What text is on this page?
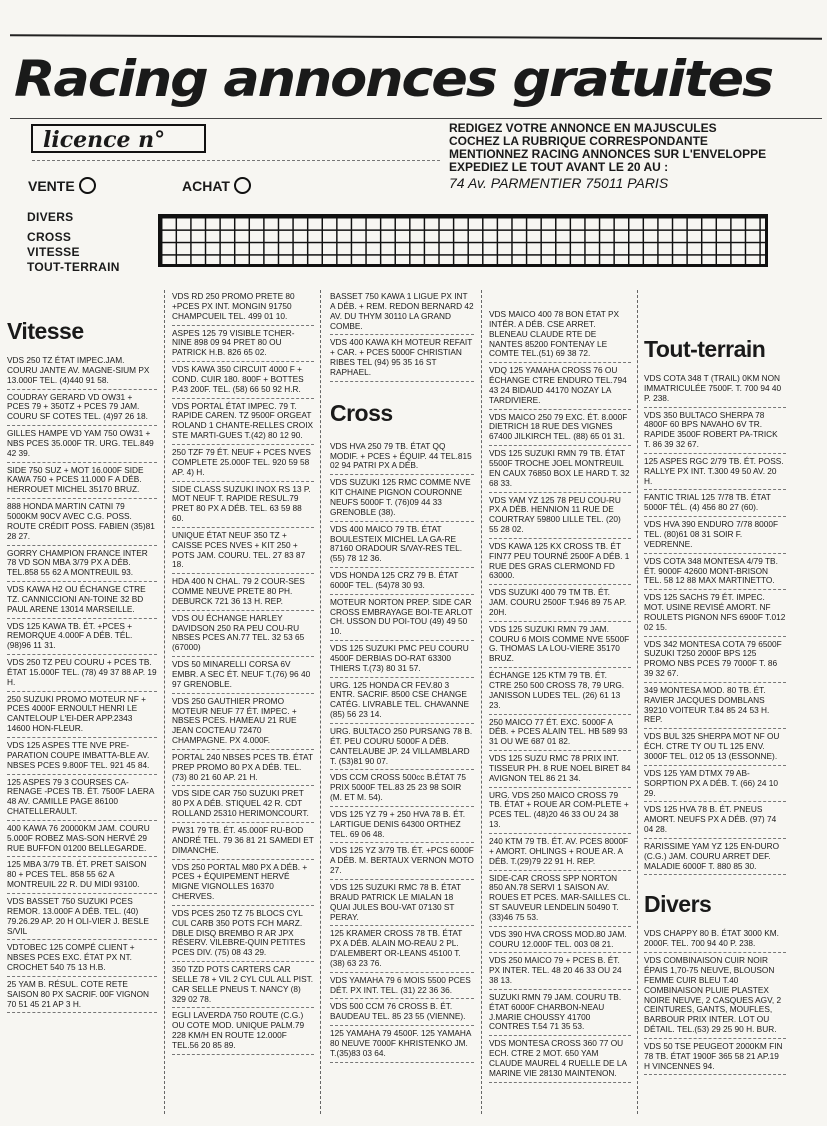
Racing annonces gratuites
licence n°	REDIGEZ VOTRE ANNONCE EN MAJUSCULES
COCHEZ LA RUBRIQUE CORRESPONDANTE
MENTIONNEZ RACING ANNONCES SUR L'ENVELOPPE
EXPEDIEZ LE TOUT AVANT LE 20 AU :
74 Av. PARMENTIER 75011 PARIS
VENTE	ACHAT
DIVERS
CROSS
VITESSE
TOUT-TERRAIN
Vitesse
VDS 250 TZ ÉTAT IMPEC.JAM. COURU JANTE AV. MAGNE-SIUM PX 13.000F TEL. (4)440 91 58.
COUDRAY GERARD VD OW31 + PCES 79 + 350TZ + PCES 79 JAM. COURU SF COTES TEL. (4)97 26 18.
GILLES HAMPE VD YAM 750 OW31 + NBS PCES 35.000F TR. URG. TEL.849 42 39.
SIDE 750 SUZ + MOT 16.000F SIDE KAWA 750 + PCES 11.000 F A DÉB. HERROUET MICHEL 35170 BRUZ.
888 HONDA MARTIN CATNI 79 5000KM 90CV AVEC C.G. POSS. ROUTE CRÉDIT POSS. FABIEN (35)81 28 27.
GORRY CHAMPION FRANCE INTER 78 VD SON MBA 3/79 PX A DÉB. TEL.858 55 62 A MONTREUIL 93.
VDS KAWA H2 OU ÉCHANGE CTRE TZ. CANNICCIONI AN-TOINE 32 BD PAUL ARENE 13014 MARSEILLE.
VDS 125 KAWA TB. ÉT. +PCES + REMORQUE 4.000F A DÉB. TÉL. (98)96 11 31.
VDS 250 TZ PEU COURU + PCES TB. ÉTAT 15.000F TEL. (78) 49 37 88 AP. 19 H.
250 SUZUKI PROMO MOTEUR NF + PCES 4000F ERNOULT HENRI LE CANTELOUP L'EI-DER APP.2343 14600 HON-FLEUR.
VDS 125 ASPES TTE NVE PRE-PARATION COUPE IMBATTA-BLE AV. NBSES PCES 9.800F TEL. 921 45 84.
125 ASPES 79 3 COURSES CA-RENAGE -PCES TB. ÉT. 7500F LAERA 48 AV. CAMILLE PAGE 86100 CHATELLERAULT.
400 KAWA 76 20000KM JAM. COURU 5.000F ROBEZ MAS-SON HERVÉ 29 RUE BUFFON 01200 BELLEGARDE.
125 MBA 3/79 TB. ÉT. PRET SAISON 80 + PCES TEL. 858 55 62 A MONTREUIL 22 R. DU MIDI 93100.
VDS BASSET 750 SUZUKI PCES REMOR. 13.000F A DÉB. TEL. (40) 79.26.29 AP. 20 H OLI-VIER J. BESLE S/VIL
VDTOBEC 125 COMPÉ CLIENT + NBSES PCES EXC. ÉTAT PX NT. CROCHET 540 75 13 H.B.
25 YAM B. RÉSUL. COTE RETE SAISON 80 PX SACRIF. 00F VIGNON 70 51 45 21 AP 3 H.
VDS RD 250 PROMO PRETE 80 +PCES PX INT. MONGIN 91750 CHAMPCUEIL TEL. 499 01 10.
ASPES 125 79 VISIBLE TCHER-NINE 898 09 94 PRET 80 OU PATRICK H.B. 826 65 02.
VDS KAWA 350 CIRCUIT 4000 F + COND. CUIR 180. 800F + BOTTES P.43 200F. TEL. (58) 66 50 92 H.R.
VDS PORTAL ÉTAT IMPEC. 79 T. RAPIDE CAREN. TZ 9500F ORGEAT ROLAND 1 CHANTE-RELLES CROIX STE MARTI-GUES T.(42) 80 12 90.
250 TZF 79 ÉT. NEUF + PCES NVES COMPLETE 25.000F TEL. 920 59 58 AP. 4) H.
SIDE CLASS SUZUKI INOX RS 13 P. MOT NEUF T. RAPIDE RESUL.79 PRET 80 PX A DÉB. TEL. 63 59 88 60.
UNIQUE ÉTAT NEUF 350 TZ + CAISSE PCES NVES + KIT 250 + POTS JAM. COURU. TEL. 27 83 87 18.
HDA 400 N CHAL. 79 2 COUR-SES COMME NEUVE PRETE 80 PH. DEBURCK 721 36 13 H. REP.
VDS OU ÉCHANGE HARLEY DAVIDSON 250 RA PEU COU-RU NBSES PCES AN.77 TEL. 32 53 65 (67000)
VDS 50 MINARELLI CORSA 6V EMBR. A SEC ÉT. NEUF T.(76) 96 40 97 GRENOBLE.
VDS 250 GAUTHIER PROMO MOTEUR NEUF 77 ÉT. IMPEC. + NBSES PCES. HAMEAU 21 RUE JEAN COCTEAU 72470 CHAMPAGNE. PX 4.000F.
PORTAL 240 NBSES PCES TB. ÉTAT PREP PROMO 80 PX A DÉB. TEL.(73) 80 21 60 AP. 21 H.
VDS SIDE CAR 750 SUZUKI PRET 80 PX A DÉB. STIQUEL 42 R. CDT ROLLAND 25310 HERIMONCOURT.
PW31 79 TB. ÉT. 45.000F RU-BOD ANDRÉ TEL. 79 36 81 21 SAMEDI ET DIMANCHE.
VDS 250 PORTAL M80 PX A DÉB. + PCES + ÉQUIPEMENT HERVÉ MIGNE VIGNOLLES 16370 CHERVES.
VDS PCES 250 TZ 75 BLOCS CYL CUL CARB 350 POTS FCH MARZ. DBLE DISQ BREMBO R AR JPX RÉSERV. VILEBRE-QUIN PETITES PCES DIV. (75) 08 43 29.
350 TZD POTS CARTERS CAR SELLE 78 + VIL 2 CYL CUL ALL PIST. CAR SELLE PNEUS T. NANCY (8) 329 02 78.
EGLI LAVERDA 750 ROUTE (C.G.) OU COTE MOD. UNIQUE PALM.79 228 KM/H EN ROUTE 12.000F TEL.56 20 85 89.
BASSET 750 KAWA 1 LIGUE PX INT A DÉB. + REM. REDON BERNARD 42 AV. DU THYM 30110 LA GRAND COMBE.
VDS 400 KAWA KH MOTEUR REFAIT + CAR. + PCES 5000F CHRISTIAN RIBES TEL (94) 95 35 16 ST RAPHAEL.
Cross
VDS HVA 250 79 TB. ÉTAT QQ MODIF. + PCES + ÉQUIP. 44 TEL.815 02 94 PATRI PX A DÉB.
VDS SUZUKI 125 RMC COMME NVE KIT CHAINE PIGNON COURONNE NEUFS 5000F T. (76)09 44 33 GRENOBLE (38).
VDS 400 MAICO 79 TB. ÉTAT BOULESTEIX MICHEL LA GA-RE 87160 ORADOUR S/VAY-RES TEL.(55) 78 12 36.
VDS HONDA 125 CRZ 79 B. ÉTAT 6000F TEL. (54)78 30 93.
MOTEUR NORTON PREP. SIDE CAR CROSS EMBRAYAGE BOI-TE ARLOT CH. USSON DU POI-TOU (49) 49 50 10.
VDS 125 SUZUKI PMC PEU COURU 4500F DERBIAS DO-RAT 63300 THIERS T.(73) 80 31 57.
URG. 125 HONDA CR FEV.80 3 ENTR. SACRIF. 8500 CSE CHANGE CATÉG. LIVRABLE TEL. CHAVANNE (85) 56 23 14.
URG. BULTACO 250 PURSANG 78 B. ÉT. PEU COURU 5000F A DÉB. CANTELAUBE JP. 24 VILLAMBLARD T. (53)81 90 07.
VDS CCM CROSS 500cc B.ÉTAT 75 PRIX 5000F TEL.83 25 23 98 SOIR (M. ET M. 54).
VDS 125 YZ 79 + 250 HVA 78 B. ÉT. LARTIGUE DENIS 64300 ORTHEZ TEL. 69 06 48.
VDS 125 YZ 3/79 TB. ÉT. +PCS 6000F A DÉB. M. BERTAUX VERNON MOTO 27.
VDS 125 SUZUKI RMC 78 B. ÉTAT BRAUD PATRICK LE MIALAN 18 QUAI JULES BOU-VAT 07130 ST PERAY.
125 KRAMER CROSS 78 TB. ÉTAT PX A DÉB. ALAIN MO-REAU 2 PL. D'ALEMBERT OR-LEANS 45100 T.(38) 63 23 76.
VDS YAMAHA 79 6 MOIS 5500 PCES DÉT. PX INT. TEL. (31) 22 36 36.
VDS 500 CCM 76 CROSS B. ÉT. BAUDEAU TEL. 85 23 55 (VIENNE).
125 YAMAHA 79 4500F. 125 YAMAHA 80 NEUVE 7000F KHRISTENKO JM. T.(35)83 03 64.
VDS MAICO 400 78 BON ÉTAT PX INTÉR. A DÉB. CSE ARRET. BLENEAU CLAUDE RTE DE NANTES 85200 FONTENAY LE COMTE TEL.(51) 69 38 72.
VDQ 125 YAMAHA CROSS 76 OU ÉCHANGE CTRE ENDURO TEL.794 43 24 BIDAUD 44170 NOZAY LA TARDIVIERE.
VDS MAICO 250 79 EXC. ÉT. 8.000F DIETRICH 18 RUE DES VIGNES 67400 JILKIRCH TEL. (88) 65 01 31.
VDS 125 SUZUKI RMN 79 TB. ÉTAT 5500F TROCHE JOEL MONTREUIL EN CAUX 76850 BOX LE HARD T. 32 68 33.
VDS YAM YZ 125 78 PEU COU-RU PX A DÉB. HENNION 11 RUE DE COURTRAY 59800 LILLE TEL. (20) 55 28 02.
VDS KAWA 125 KX CROSS TB. ÉT FIN77 PEU TOURNÉ 2500F A DÉB. 1 RUE DES GRAS CLERMOND FD 63000.
VDS SUZUKI 400 79 TM TB. ÉT. JAM. COURU 2500F T.946 89 75 AP. 20H.
VDS 125 SUZUKI RMN 79 JAM. COURU 6 MOIS COMME NVE 5500F G. THOMAS LA LOU-VIERE 35170 BRUZ.
ÉCHANGE 125 KTM 79 TB. ÉT. CTRE 250 500 CROSS 78, 79 URG. JANISSON LUDES TEL. (26) 61 13 23.
250 MAICO 77 ÉT. EXC. 5000F A DÉB. + PCES ALAIN TEL. HB 589 93 31 OU WE 687 01 82.
VDS 125 SUZU RMC 78 PRIX INT. TISSEUR PH. 8 RUE NOEL BIRET 84 AVIGNON TEL 86 21 34.
URG. VDS 250 MAICO CROSS 79 TB. ÉTAT + ROUE AR COM-PLETE + PCES TEL. (48)20 46 33 OU 24 38 13.
240 KTM 79 TB. ÉT. AV. PCES 8000F + AMORT. OHLINGS + ROUE AR. A DÉB. T.(29)79 22 91 H. REP.
SIDE-CAR CROSS SPP NORTON 850 AN.78 SERVI 1 SAISON AV. ROUES ET PCES. MAR-SAILLES CL. ST SAUVEUR LENDELIN 50490 T.(33)46 75 53.
VDS 390 HVA CROSS MOD.80 JAM. COURU 12.000F TEL. 003 08 21.
VDS 250 MAICO 79 + PCES B. ÉT. PX INTER. TEL. 48 20 46 33 OU 24 38 13.
SUZUKI RMN 79 JAM. COURU TB. ÉTAT 6000F CHARBON-NEAU J.MARIE CHOUSSY 41700 CONTRES T.54 71 35 53.
VDS MONTESA CROSS 360 77 OU ECH. CTRE 2 MOT. 650 YAM CLAUDE MAUREL 4 RUELLE DE LA MARINE VIE 28130 MAINTENON.
Tout-terrain
VDS COTA 348 T (TRAIL) 0KM NON IMMATRICULÉE 7500F. T. 700 94 40 P. 238.
VDS 350 BULTACO SHERPA 78 4800F 60 BPS NAVAHO 6V TR. RAPIDE 3500F ROBERT PA-TRICK T. 86 39 32 67.
125 ASPES RGC 2/79 TB. ÉT. POSS. RALLYE PX INT. T.300 49 50 AV. 20 H.
FANTIC TRIAL 125 7/78 TB. ÉTAT 5000F TÉL. (4) 456 80 27 (60).
VDS HVA 390 ENDURO 7/78 8000F TEL. (80)61 08 31 SOIR F. VEDRENNE.
VDS COTA 348 MONTESA 4/79 TB. ÉT. 9000F 42600 MONT-BRISON TEL. 58 12 88 MAX MARTINETTO.
VDS 125 SACHS 79 ÉT. IMPEC. MOT. USINE REVISÉ AMORT. NF ROULETS PIGNON NFS 6900F T.012 02 15.
VDS 342 MONTESA COTA 79 6500F SUZUKI T250 2000F BPS 125 PROMO NBS PCES 79 7000F T. 86 39 32 67.
349 MONTESA MOD. 80 TB. ÉT. RAVIER JACQUES DOMBLANS 39210 VOITEUR T.84 85 24 53 H. REP.
VDS BUL 325 SHERPA MOT NF OU ÉCH. CTRE TY OU TL 125 ENV. 3000F TEL. 012 05 13 (ESSONNE).
VDS 125 YAM DTMX 79 AB-SORPTION PX A DÉB. T. (66) 24 10 29.
VDS 125 HVA 78 B. ÉT. PNEUS AMORT. NEUFS PX A DÉB. (97) 74 04 28.
RARISSIME YAM YZ 125 EN-DURO (C.G.) JAM. COURU ARRET DEF. MALADIE 6000F T. 880 85 30.
Divers
VDS CHAPPY 80 B. ÉTAT 3000 KM. 2000F. TEL. 700 94 40 P. 238.
VDS COMBINAISON CUIR NOIR ÉPAIS 1,70-75 NEUVE, BLOUSON FEMME CUIR BLEU T.40 COMBINAISON PLUIE PLASTEX NOIRE NEUVE, 2 CASQUES AGV, 2 CEINTURES, GANTS, MOUFLES, BARBOUR PRIX INTER. LOT OU DÉTAIL. TEL.(53) 29 25 90 H. BUR.
VDS 50 TSE PEUGEOT 2000KM FIN 78 TB. ÉTAT 1900F 365 58 21 AP.19 H VINCENNES 94.
